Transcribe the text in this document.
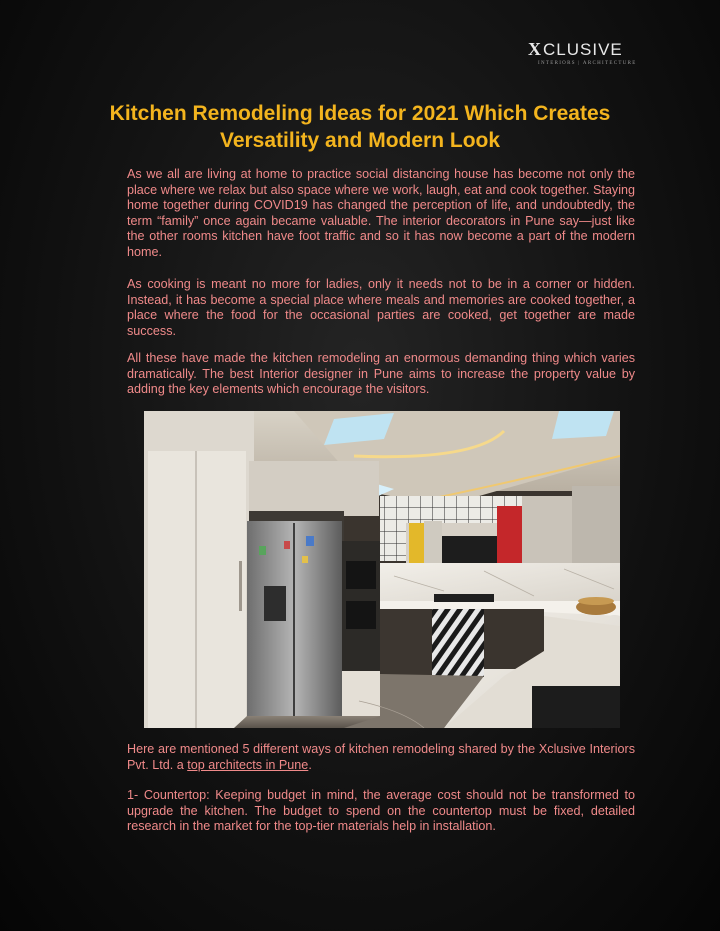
XCLUSIVE
INTERIORS | ARCHITECTURE
Kitchen Remodeling Ideas for 2021 Which Creates Versatility and Modern Look

As we all are living at home to practice social distancing house has become not only the place where we relax but also space where we work, laugh, eat and cook together. Staying home together during COVID19 has changed the perception of life, and undoubtedly, the term “family” once again became valuable. The interior decorators in Pune say—just like the other rooms kitchen have foot traffic and so it has now become a part of the modern home.

As cooking is meant no more for ladies, only it needs not to be in a corner or hidden. Instead, it has become a special place where meals and memories are cooked together, a place where the food for the occasional parties are cooked, get together are made success.

All these have made the kitchen remodeling an enormous demanding thing which varies dramatically. The best Interior designer in Pune aims to increase the property value by adding the key elements which encourage the visitors.

Here are mentioned 5 different ways of kitchen remodeling shared by the Xclusive Interiors Pvt. Ltd. a top architects in Pune.

1- Countertop: Keeping budget in mind, the average cost should not be transformed to upgrade the kitchen. The budget to spend on the countertop must be fixed, detailed research in the market for the top-tier materials help in installation.
